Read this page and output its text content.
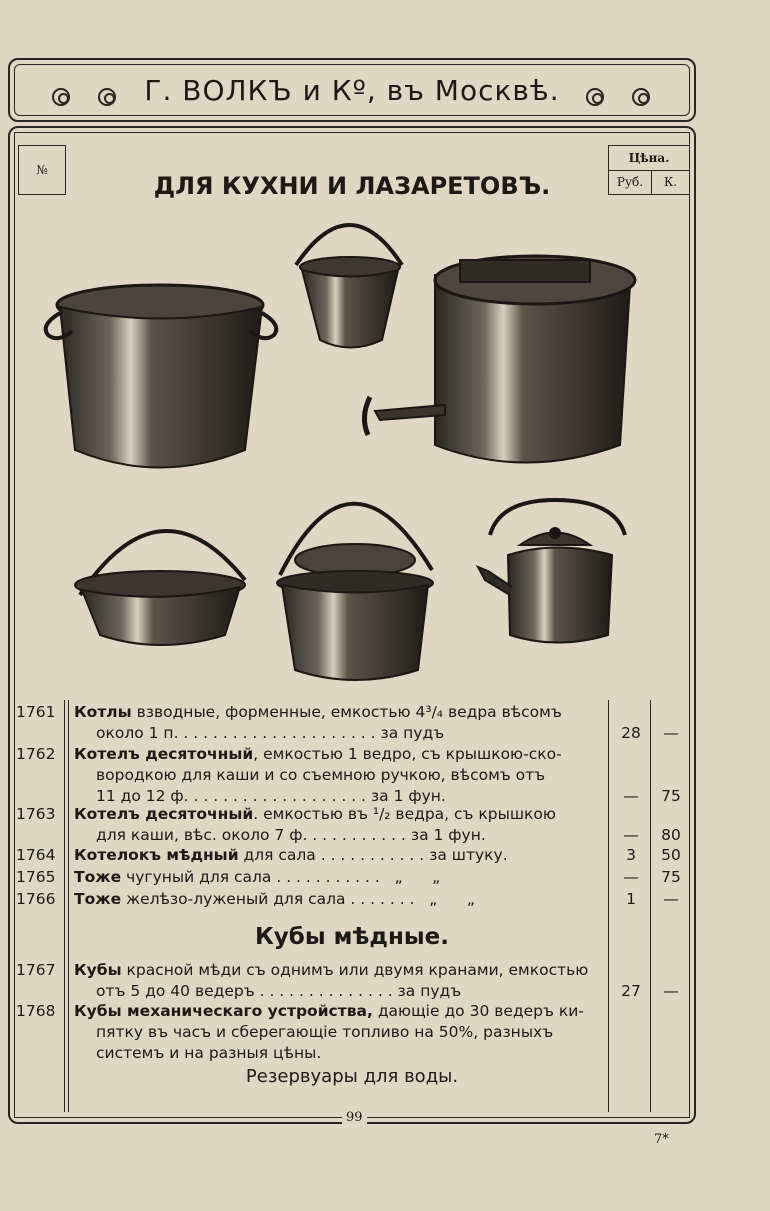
Г. ВОЛКЪ и Кº, въ Москвѣ.
№
Цѣна.
Руб.	К.
ДЛЯ КУХНИ И ЛАЗАРЕТОВЪ.
1761	Котлы взводные, форменные, емкостью 4³/₄ ведра вѣсомъ
около 1 п. . . . . . . . . . . . . . . . . . . . . за пудъ	28	—
1762	Котелъ десяточный, емкостью 1 ведро, съ крышкою-ско-
вородкою для каши и со съемною ручкою, вѣсомъ отъ
11 до 12 ф. . . . . . . . . . . . . . . . . . . за 1 фун.	—	75
1763	Котелъ десяточный. емкостью въ ¹/₂ ведра, съ крышкою
для каши, вѣс. около 7 ф. . . . . . . . . . . за 1 фун.	—	80
1764	Котелокъ мѣдный для сала . . . . . . . . . . . за штуку.	3	50
1765	Тоже чугуный для сала . . . . . . . . . . .   „      „	—	75
1766	Тоже желѣзо-луженый для сала . . . . . . .   „      „	1	—
Кубы мѣдные.
1767	Кубы красной мѣди съ однимъ или двумя кранами, емкостью
отъ 5 до 40 ведеръ . . . . . . . . . . . . . . за пудъ	27	—
1768	Кубы механическаго устройства, дающіе до 30 ведеръ ки-
пятку въ часъ и сберегающіе топливо на 50%, разныхъ
системъ и на разныя цѣны.
Резервуары для воды.
99
7*
